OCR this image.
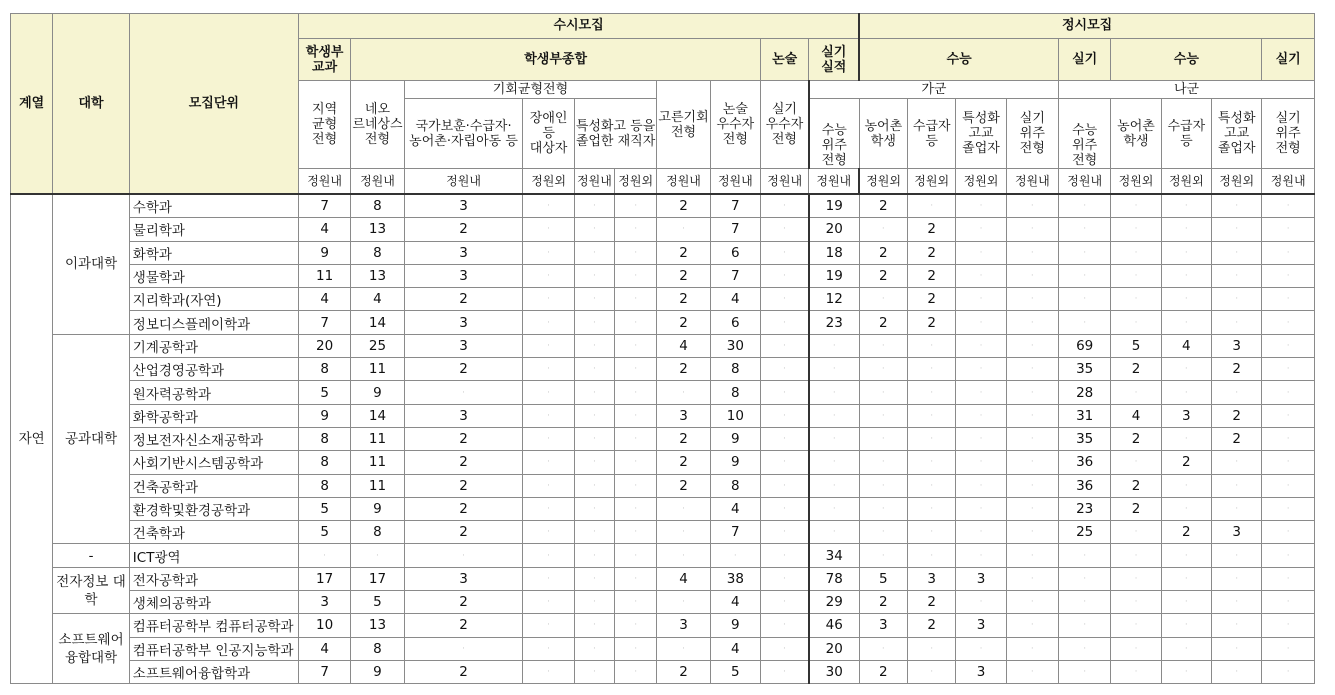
계열	대학	모집단위	수시모집										정시모집								
			학생부 교과	학생부종합							논술	실기 실적	수능				실기	수능			실기
			지역 균형 전형	네오 르네상스 전형	기회균형전형				고른기회 전형	논술 우수자 전형	실기 우수자 전형	가군					나군				
					국가보훈·수급자· 농어촌·자립아동 등	장애인 등 대상자	특성화고 등을 졸업한 재직자					수능 위주 전형	농어촌 학생	수급자 등	특성화 고교 졸업자	실기 위주 전형	수능 위주 전형	농어촌 학생	수급자 등	특성화 고교 졸업자	실기 위주 전형
			정원내	정원내	정원내	정원외	정원내	정원외	정원내	정원내	정원내	정원내	정원외	정원외	정원외	정원내	정원내	정원외	정원외	정원외	정원내
자연	이과대학	수학과	7	8	3	·	·	·	2	7	·	19	2	·	·	·	·	·	·	·	·
		물리학과	4	13	2	·	·	·	·	7	·	20	·	2	·	·	·	·	·	·	·
		화학과	9	8	3	·	·	·	2	6	·	18	2	2	·	·	·	·	·	·	·
		생물학과	11	13	3	·	·	·	2	7	·	19	2	2	·	·	·	·	·	·	·
		지리학과(자연)	4	4	2	·	·	·	2	4	·	12	·	2	·	·	·	·	·	·	·
		정보디스플레이학과	7	14	3	·	·	·	2	6	·	23	2	2	·	·	·	·	·	·	·
	공과대학	기계공학과	20	25	3	·	·	·	4	30	·	·	·	·	·	·	69	5	4	3	·
		산업경영공학과	8	11	2	·	·	·	2	8	·	·	·	·	·	·	35	2	·	2	·
		원자력공학과	5	9	·	·	·	·	·	8	·	·	·	·	·	·	28	·	·	·	·
		화학공학과	9	14	3	·	·	·	3	10	·	·	·	·	·	·	31	4	3	2	·
		정보전자신소재공학과	8	11	2	·	·	·	2	9	·	·	·	·	·	·	35	2	·	2	·
		사회기반시스템공학과	8	11	2	·	·	·	2	9	·	·	·	·	·	·	36	·	2	·	·
		건축공학과	8	11	2	·	·	·	2	8	·	·	·	·	·	·	36	2	·	·	·
		환경학및환경공학과	5	9	2	·	·	·	·	4	·	·	·	·	·	·	23	2	·	·	·
		건축학과	5	8	2	·	·	·	·	7	·	·	·	·	·	·	25	·	2	3	·
	-	ICT광역	·	·	·	·	·	·	·	·	·	34	·	·	·	·	·	·	·	·	·
	전자정보 대학	전자공학과	17	17	3	·	·	·	4	38	·	78	5	3	3	·	·	·	·	·	·
		생체의공학과	3	5	2	·	·	·	·	4	·	29	2	2	·	·	·	·	·	·	·
	소프트웨어 융합대학	컴퓨터공학부 컴퓨터공학과	10	13	2	·	·	·	3	9	·	46	3	2	3	·	·	·	·	·	·
		컴퓨터공학부 인공지능학과	4	8	·	·	·	·	·	4	·	20	·	·	·	·	·	·	·	·	·
		소프트웨어융합학과	7	9	2	·	·	·	2	5	·	30	2	·	3	·	·	·	·	·	·
